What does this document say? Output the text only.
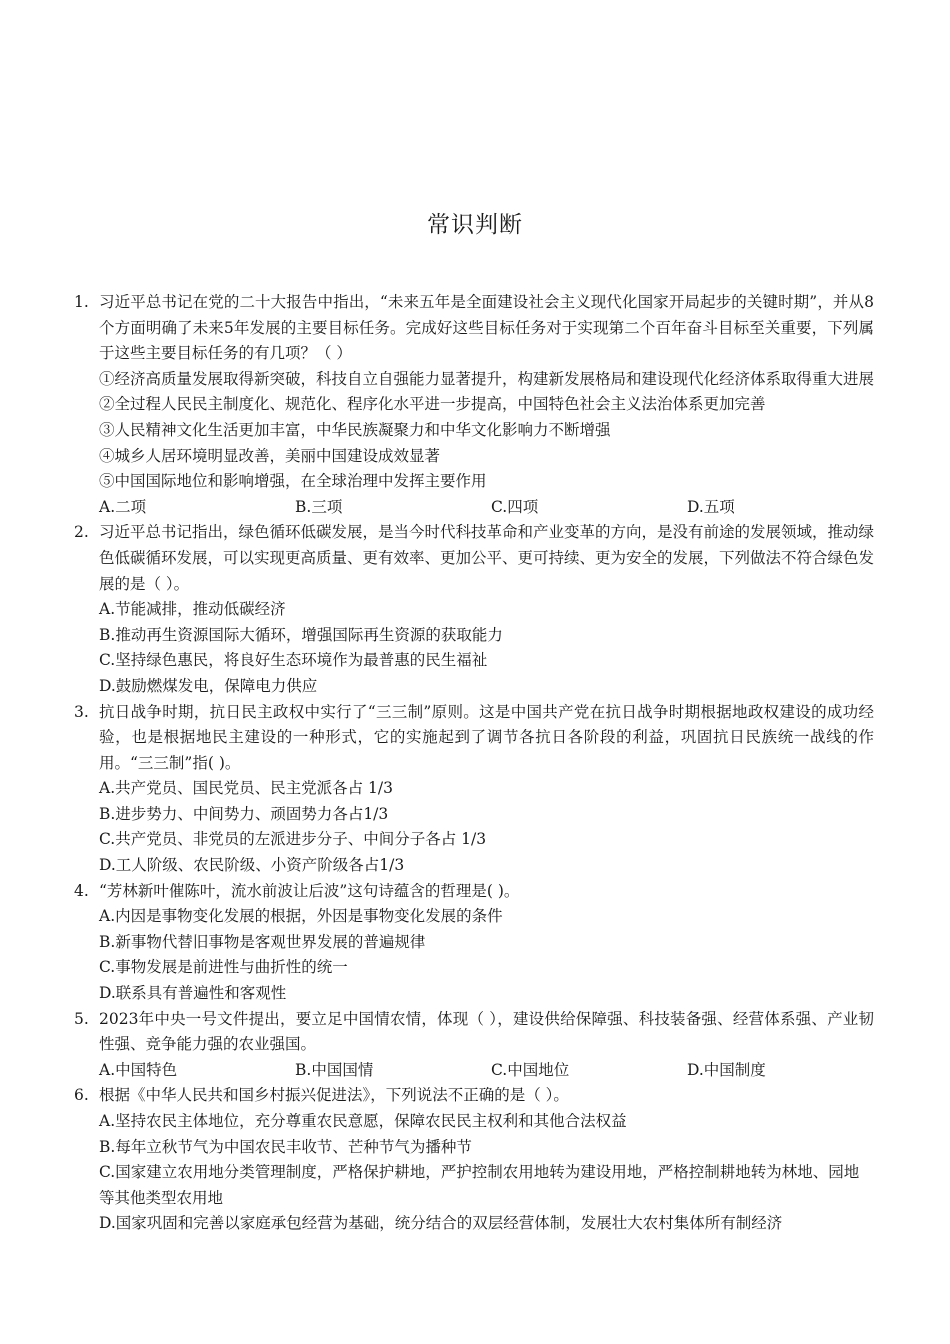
常识判断
1. 习近平总书记在党的二十大报告中指出，“未来五年是全面建设社会主义现代化国家开局起步的关键时期”，并从8个方面明确了未来5年发展的主要目标任务。完成好这些目标任务对于实现第二个百年奋斗目标至关重要，下列属于这些主要目标任务的有几项？（ ）
①经济高质量发展取得新突破，科技自立自强能力显著提升，构建新发展格局和建设现代化经济体系取得重大进展
②全过程人民民主制度化、规范化、程序化水平进一步提高，中国特色社会主义法治体系更加完善
③人民精神文化生活更加丰富，中华民族凝聚力和中华文化影响力不断增强
④城乡人居环境明显改善，美丽中国建设成效显著
⑤中国国际地位和影响增强，在全球治理中发挥主要作用
A.二项	B.三项	C.四项	D.五项
2. 习近平总书记指出，绿色循环低碳发展，是当今时代科技革命和产业变革的方向，是没有前途的发展领域，推动绿色低碳循环发展，可以实现更高质量、更有效率、更加公平、更可持续、更为安全的发展，下列做法不符合绿色发展的是（ ）。
A.节能减排，推动低碳经济
B.推动再生资源国际大循环，增强国际再生资源的获取能力
C.坚持绿色惠民，将良好生态环境作为最普惠的民生福祉
D.鼓励燃煤发电，保障电力供应
3. 抗日战争时期，抗日民主政权中实行了“三三制”原则。这是中国共产党在抗日战争时期根据地政权建设的成功经验，也是根据地民主建设的一种形式，它的实施起到了调节各抗日各阶段的利益，巩固抗日民族统一战线的作用。“三三制”指( )。
A.共产党员、国民党员、民主党派各占 1/3
B.进步势力、中间势力、顽固势力各占1/3
C.共产党员、非党员的左派进步分子、中间分子各占 1/3
D.工人阶级、农民阶级、小资产阶级各占1/3
4. “芳林新叶催陈叶，流水前波让后波”这句诗蕴含的哲理是( )。
A.内因是事物变化发展的根据，外因是事物变化发展的条件
B.新事物代替旧事物是客观世界发展的普遍规律
C.事物发展是前进性与曲折性的统一
D.联系具有普遍性和客观性
5. 2023年中央一号文件提出，要立足中国情农情，体现（ ），建设供给保障强、科技装备强、经营体系强、产业韧性强、竞争能力强的农业强国。
A.中国特色	B.中国国情	C.中国地位	D.中国制度
6. 根据《中华人民共和国乡村振兴促进法》，下列说法不正确的是（ ）。
A.坚持农民主体地位，充分尊重农民意愿，保障农民民主权利和其他合法权益
B.每年立秋节气为中国农民丰收节、芒种节气为播种节
C.国家建立农用地分类管理制度，严格保护耕地，严护控制农用地转为建设用地，严格控制耕地转为林地、园地等其他类型农用地
D.国家巩固和完善以家庭承包经营为基础，统分结合的双层经营体制，发展壮大农村集体所有制经济
